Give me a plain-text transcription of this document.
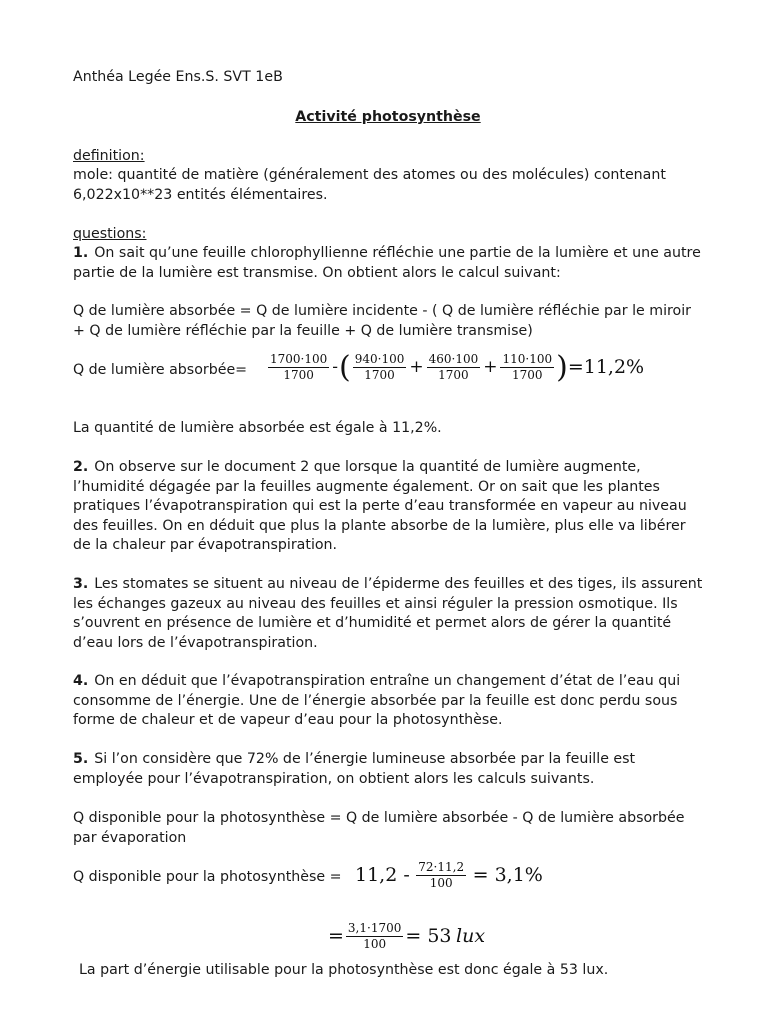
Anthéa Legée Ens.S. SVT 1eB

Activité photosynthèse

definition:

mole: quantité de matière (généralement des atomes ou des molécules) contenant 6,022x10**23 entités élémentaires.

questions:

1. On sait qu’une feuille chlorophyllienne réfléchie une partie de la lumière et une autre partie de la lumière est transmise. On obtient alors le calcul suivant:

Q de lumière absorbée = Q de lumière incidente - ( Q de lumière réfléchie par le miroir + Q de lumière réfléchie par la feuille + Q de lumière transmise)

Q de lumière absorbée=	$\frac{1700\cdot 100}{1700}$ -( $\frac{940\cdot 100}{1700} + \frac{460\cdot 100}{1700} + \frac{110\cdot 100}{1700} )=11,2\%$

La quantité de lumière absorbée est égale à 11,2%.

2. On observe sur le document 2 que lorsque la quantité de lumière augmente, l’humidité dégagée par la feuilles augmente également. Or on sait que les plantes pratiques l’évapotranspiration qui est la perte d’eau transformée en vapeur au niveau des feuilles. On en déduit que plus la plante absorbe de la lumière, plus elle va libérer de la chaleur par évapotranspiration.

3. Les stomates se situent au niveau de l’épiderme des feuilles et des tiges, ils assurent les échanges gazeux au niveau des feuilles et ainsi réguler la pression osmotique. Ils s’ouvrent en présence de lumière et d’humidité et permet alors de gérer la quantité d’eau lors de l’évapotranspiration.

4. On en déduit que l’évapotranspiration entraîne un changement d’état de l’eau qui consomme de l’énergie. Une de l’énergie absorbée par la feuille est donc perdu sous forme de chaleur et de vapeur d’eau pour la photosynthèse.

5. Si l’on considère que 72% de l’énergie lumineuse absorbée par la feuille est employée pour l’évapotranspiration, on obtient alors les calculs suivants.

Q disponible pour la photosynthèse = Q de lumière absorbée - Q de lumière absorbée par évaporation

Q disponible pour la photosynthèse = $11,2 - \frac{72\cdot 11,2}{100} = 3,1\%$
= $\frac{3,1\cdot 1700}{100} = 53$ lux

La part d’énergie utilisable pour la photosynthèse est donc égale à 53 lux.
